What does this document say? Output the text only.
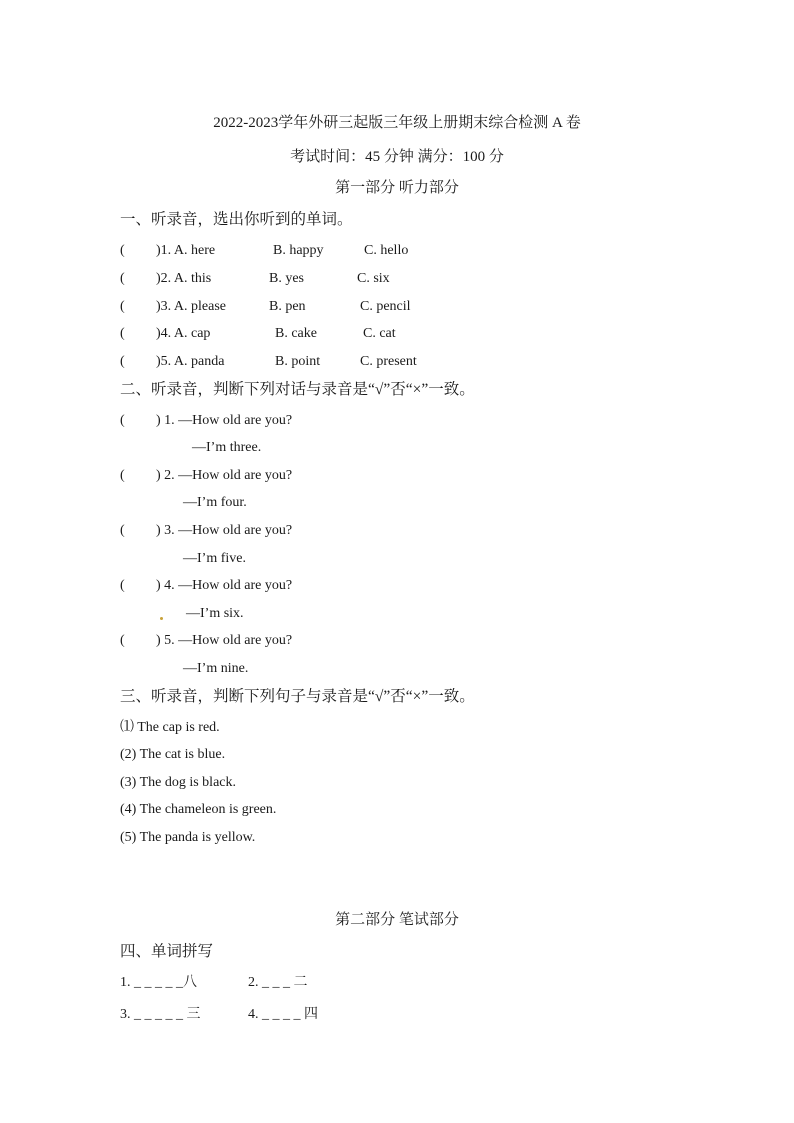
2022-2023学年外研三起版三年级上册期末综合检测 A 卷
考试时间：45 分钟 满分：100 分
第一部分 听力部分
一、听录音，选出你听到的单词。
( )1. A. here	B. happy	C. hello
( )2. A. this	B. yes	C. six
( )3. A. please	B. pen	C. pencil
( )4. A. cap	B. cake	C. cat
( )5. A. panda	B. point	C. present
二、听录音，判断下列对话与录音是“√”否“×”一致。
( ) 1. —How old are you?
—I’m three.
( ) 2. —How old are you?
—I’m four.
( ) 3. —How old are you?
—I’m five.
( ) 4. —How old are you?
—I’m six.
( ) 5. —How old are you?
—I’m nine.
三、听录音，判断下列句子与录音是“√”否“×”一致。
⑴ The cap is red.
(2) The cat is blue.
(3) The dog is black.
(4) The chameleon is green.
(5) The panda is yellow.
第二部分 笔试部分
四、单词拼写
1. _ _ _ _ _八	2. _ _ _ 二
3. _ _ _ _ _ 三	4. _ _ _ _ 四
